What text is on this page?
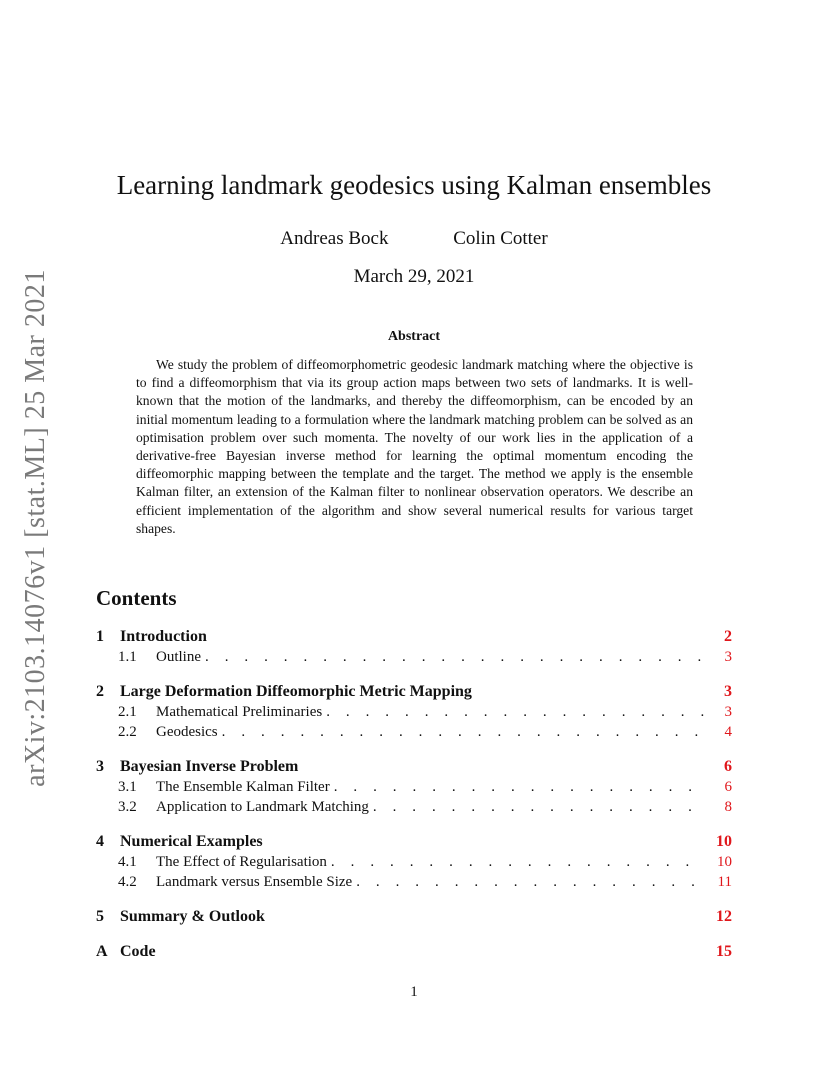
arXiv:2103.14076v1 [stat.ML] 25 Mar 2021
Learning landmark geodesics using Kalman ensembles
Andreas Bock	Colin Cotter
March 29, 2021
Abstract

We study the problem of diffeomorphometric geodesic landmark matching where the objective is to find a diffeomorphism that via its group action maps between two sets of landmarks. It is well-known that the motion of the landmarks, and thereby the diffeomorphism, can be encoded by an initial momentum leading to a formulation where the landmark matching problem can be solved as an optimisation problem over such momenta. The novelty of our work lies in the application of a derivative-free Bayesian inverse method for learning the optimal momentum encoding the diffeomorphic mapping between the template and the target. The method we apply is the ensemble Kalman filter, an extension of the Kalman filter to nonlinear observation operators. We describe an efficient implementation of the algorithm and show several numerical results for various target shapes.

Contents
1	Introduction	2
1.1	Outline . . .	3
2	Large Deformation Diffeomorphic Metric Mapping	3
2.1	Mathematical Preliminaries . . .	3
2.2	Geodesics . . .	4
3	Bayesian Inverse Problem	6
3.1	The Ensemble Kalman Filter . . .	6
3.2	Application to Landmark Matching . . .	8
4	Numerical Examples	10
4.1	The Effect of Regularisation . . .	10
4.2	Landmark versus Ensemble Size . . .	11
5	Summary & Outlook	12
A Code	15
1
